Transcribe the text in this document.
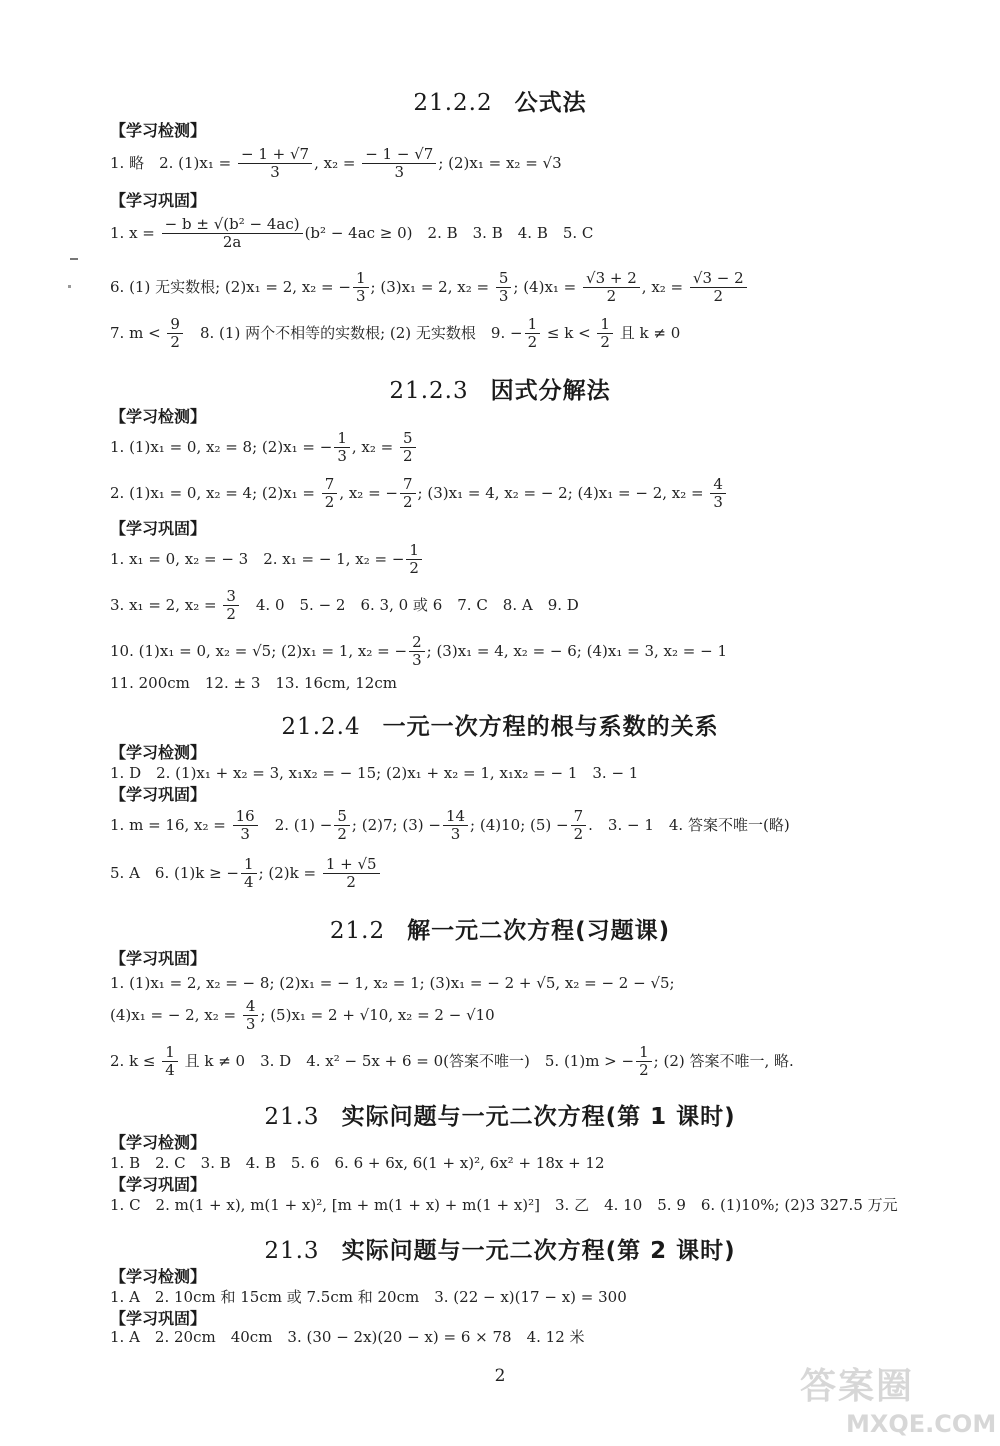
21.2.2 公式法
【学习检测】
1. 略　2. $(1)x_1 = \frac{- 1 + √7}{3}$ , $x_2 = \frac{- 1 - √7}{3}$ ; (2)x₁ = x₂ = √3
【学习巩固】
1. $x = \frac{\text{− b ± √(b² − 4ac)}}{2a} (b^2 - 4ac \ge 0)$　2. B　3. B　4. B　5. C
6. (1) 无实数根; (2)x₁ = 2, x₂ = − $\frac{1}{3}$ ; (3)x₁ = 2, $x_2 = \frac{5}{3}$ ; $(4)x_1 = \frac{√3 + 2}{2}$ , $x_2 = \frac{√3 - 2}{2}$
7. $m < \frac{9}{2}$ 　8. (1) 两个不相等的实数根; (2) 无实数根　9. − $\frac{1}{2} \le k < \frac{1}{2}$ 且 k ≠ 0
21.2.3 因式分解法
【学习检测】
1. (1)x₁ = 0, x₂ = 8; (2)x₁ = − $\frac{1}{3}$ , $x_2 = \frac{5}{2}$
2. (1)x₁ = 0, x₂ = 4; $(2)x_1 = \frac{7}{2}$ , x₂ = − $\frac{7}{2}$ ; (3)x₁ = 4, x₂ = − 2; (4)x₁ = − 2, $x_2 = \frac{4}{3}$
【学习巩固】
1. x₁ = 0, x₂ = − 3　2. x₁ = − 1, x₂ = − $\frac{1}{2}$
3. x₁ = 2, $x_2 = \frac{3}{2}$ 　4. 0　5. − 2　6. 3, 0 或 6　7. C　8. A　9. D
10. (1)x₁ = 0, x₂ = √5; (2)x₁ = 1, x₂ = − $\frac{2}{3}$ ; (3)x₁ = 4, x₂ = − 6; (4)x₁ = 3, x₂ = − 1
11. 200cm　12. ± 3　13. 16cm, 12cm
21.2.4 一元一次方程的根与系数的关系
【学习检测】
1. D　2. (1)x₁ + x₂ = 3, x₁x₂ = − 15; (2)x₁ + x₂ = 1, x₁x₂ = − 1　3. − 1
【学习巩固】
1. m = 16, $x_2 = \frac{16}{3}$ 　2. $(1) - \frac{5}{2}$ ; (2)7; $(3) - \frac{14}{3}$ ; (4)10; $(5) - \frac{7}{2}$ .　3. − 1　4. 答案不唯一(略)
5. A　6. (1)k ≥ − $\frac{1}{4}$ ; $(2)k = \frac{1 + √5}{2}$
21.2 解一元二次方程(习题课)
【学习巩固】
1. (1)x₁ = 2, x₂ = − 8; (2)x₁ = − 1, x₂ = 1; (3)x₁ = − 2 + √5, x₂ = − 2 − √5;
(4)x₁ = − 2, $x_2 = \frac{4}{3}$ ; (5)x₁ = 2 + √10, x₂ = 2 − √10
2. $k \le \frac{1}{4}$ 且 k ≠ 0　3. D　4. x² − 5x + 6 = 0(答案不唯一)　5. (1)m > − $\frac{1}{2}$ ; (2) 答案不唯一, 略.
21.3 实际问题与一元二次方程(第 1 课时)
【学习检测】
1. B　2. C　3. B　4. B　5. 6　6. 6 + 6x, 6(1 + x)², 6x² + 18x + 12
【学习巩固】
1. C　2. m(1 + x), m(1 + x)², [m + m(1 + x) + m(1 + x)²]　3. 乙　4. 10　5. 9　6. (1)10%; (2)3 327.5 万元
21.3 实际问题与一元二次方程(第 2 课时)
【学习检测】
1. A　2. 10cm 和 15cm 或 7.5cm 和 20cm　3. (22 − x)(17 − x) = 300
【学习巩固】
1. A　2. 20cm　40cm　3. (30 − 2x)(20 − x) = 6 × 78　4. 12 米
2	答案圈
MXQE.COM
